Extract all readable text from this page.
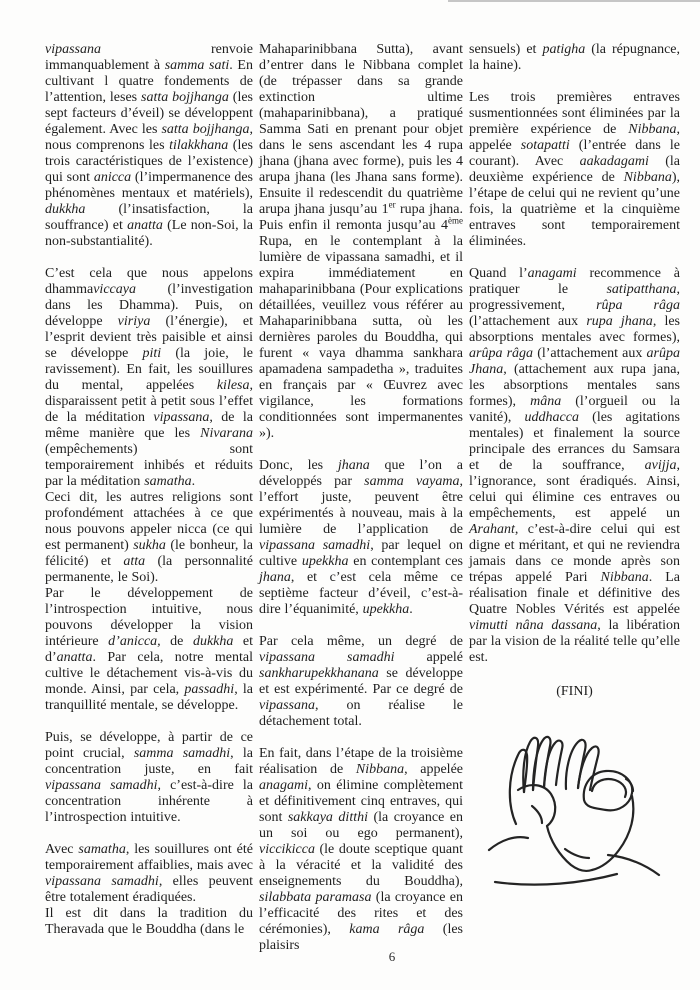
vipassana renvoie immanquablement à samma sati. En cultivant l quatre fondements de l’attention, leses satta bojjhanga (les sept facteurs d’éveil) se développent également. Avec les satta bojjhanga, nous comprenons les tilakkhana (les trois caractéristiques de l’existence) qui sont anicca (l’impermanence des phénomènes mentaux et matériels), dukkha (l’insatisfaction, la souffrance) et anatta (Le non-Soi, la non-substantialité).

C’est cela que nous appelons dhammaviccaya (l’investigation dans les Dhamma). Puis, on développe viriya (l’énergie), et l’esprit devient très paisible et ainsi se développe piti (la joie, le ravissement). En fait, les souillures du mental, appelées kilesa, disparaissent petit à petit sous l’effet de la méditation vipassana, de la même manière que les Nivarana (empêchements) sont temporairement inhibés et réduits par la méditation samatha.

Ceci dit, les autres religions sont profondément attachées à ce que nous pouvons appeler nicca (ce qui est permanent) sukha (le bonheur, la félicité) et atta (la personnalité permanente, le Soi).

Par le développement de l’introspection intuitive, nous pouvons développer la vision intérieure d’anicca, de dukkha et d’anatta. Par cela, notre mental cultive le détachement vis-à-vis du monde. Ainsi, par cela, passadhi, la tranquillité mentale, se développe.

Puis, se développe, à partir de ce point crucial, samma samadhi, la concentration juste, en fait vipassana samadhi, c’est-à-dire la concentration inhérente à l’introspection intuitive.

Avec samatha, les souillures ont été temporairement affaiblies, mais avec vipassana samadhi, elles peuvent être totalement éradiquées.

Il est dit dans la tradition du Theravada que le Bouddha (dans le

Mahaparinibbana Sutta), avant d’entrer dans le Nibbana complet (de trépasser dans sa grande extinction ultime (mahaparinibbana), a pratiqué Samma Sati en prenant pour objet dans le sens ascendant les 4 rupa jhana (jhana avec forme), puis les 4 arupa jhana (les Jhana sans forme). Ensuite il redescendit du quatrième arupa jhana jusqu’au 1er rupa jhana. Puis enfin il remonta jusqu’au 4ème Rupa, en le contemplant à la lumière de vipassana samadhi, et il expira immédiatement en mahaparinibbana (Pour explications détaillées, veuillez vous référer au Mahaparinibbana sutta, où les dernières paroles du Bouddha, qui furent « vaya dhamma sankhara apamadena sampadetha », traduites en français par « Œuvrez avec vigilance, les formations conditionnées sont impermanentes »).

Donc, les jhana que l’on a développés par samma vayama, l’effort juste, peuvent être expérimentés à nouveau, mais à la lumière de l’application de vipassana samadhi, par lequel on cultive upekkha en contemplant ces jhana, et c’est cela même ce septième facteur d’éveil, c’est-à-dire l’équanimité, upekkha.

Par cela même, un degré de vipassana samadhi appelé sankharupekkhanana se développe et est expérimenté. Par ce degré de vipassana, on réalise le détachement total.

En fait, dans l’étape de la troisième réalisation de Nibbana, appelée anagami, on élimine complètement et définitivement cinq entraves, qui sont sakkaya ditthi (la croyance en un soi ou ego permanent), viccikicca (le doute sceptique quant à la véracité et la validité des enseignements du Bouddha), silabbata paramasa (la croyance en l’efficacité des rites et des cérémonies), kama râga (les plaisirs

sensuels) et patigha (la répugnance, la haine).

Les trois premières entraves susmentionnées sont éliminées par la première expérience de Nibbana, appelée sotapatti (l’entrée dans le courant). Avec aakadagami (la deuxième expérience de Nibbana), l’étape de celui qui ne revient qu’une fois, la quatrième et la cinquième entraves sont temporairement éliminées.

Quand l’anagami recommence à pratiquer le satipatthana, progressivement, rûpa râga (l’attachement aux rupa jhana, les absorptions mentales avec formes), arûpa râga (l’attachement aux arûpa Jhana, (attachement aux rupa jana, les absorptions mentales sans formes), mâna (l’orgueil ou la vanité), uddhacca (les agitations mentales) et finalement la source principale des errances du Samsara et de la souffrance, avijja, l’ignorance, sont éradiqués. Ainsi, celui qui élimine ces entraves ou empêchements, est appelé un Arahant, c’est-à-dire celui qui est digne et méritant, et qui ne reviendra jamais dans ce monde après son trépas appelé Pari Nibbana. La réalisation finale et définitive des Quatre Nobles Vérités est appelée vimutti nâna dassana, la libération par la vision de la réalité telle qu’elle est.

(FINI)

6
